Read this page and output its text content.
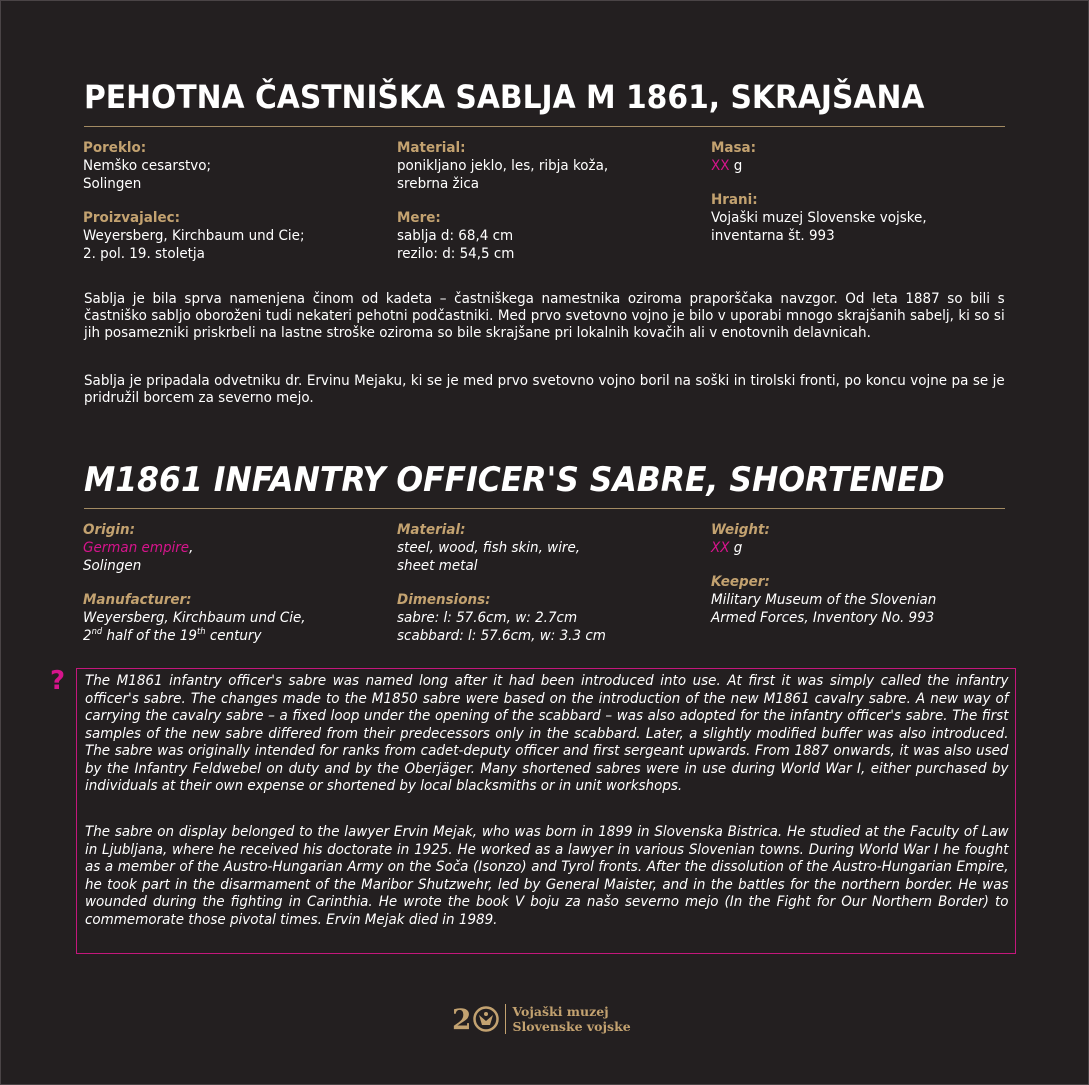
PEHOTNA ČASTNIŠKA SABLJA M 1861, SKRAJŠANA
Poreklo:
Nemško cesarstvo;
Solingen
Proizvajalec:
Weyersberg, Kirchbaum und Cie;
2. pol. 19. stoletja
Material:
ponikljano jeklo, les, ribja koža,
srebrna žica
Mere:
sablja d: 68,4 cm
rezilo: d: 54,5 cm
Masa:
XX g
Hrani:
Vojaški muzej Slovenske vojske,
inventarna št. 993

Sablja je bila sprva namenjena činom od kadeta – častniškega namestnika oziroma praporščaka navzgor. Od leta 1887 so bili s častniško sabljo oboroženi tudi nekateri pehotni podčastniki. Med prvo svetovno vojno je bilo v uporabi mnogo skrajšanih sabelj, ki so si jih posamezniki priskrbeli na lastne stroške oziroma so bile skrajšane pri lokalnih kovačih ali v enotovnih delavnicah.

Sablja je pripadala odvetniku dr. Ervinu Mejaku, ki se je med prvo svetovno vojno boril na soški in tirolski fronti, po koncu vojne pa se je pridružil borcem za severno mejo.

M1861 INFANTRY OFFICER'S SABRE, SHORTENED
Origin:
German empire,
Solingen
Manufacturer:
Weyersberg, Kirchbaum und Cie,
2nd half of the 19th century
Material:
steel, wood, fish skin, wire,
sheet metal
Dimensions:
sabre: l: 57.6cm, w: 2.7cm
scabbard: l: 57.6cm, w: 3.3 cm
Weight:
XX g
Keeper:
Military Museum of the Slovenian
Armed Forces, Inventory No. 993
? The M1861 infantry officer's sabre was named long after it had been introduced into use. At first it was simply called the infantry officer's sabre. The changes made to the M1850 sabre were based on the introduction of the new M1861 cavalry sabre. A new way of carrying the cavalry sabre – a fixed loop under the opening of the scabbard – was also adopted for the infantry officer's sabre. The first samples of the new sabre differed from their predecessors only in the scabbard. Later, a slightly modified buffer was also introduced. The sabre was originally intended for ranks from cadet-deputy officer and first sergeant upwards. From 1887 onwards, it was also used by the Infantry Feldwebel on duty and by the Oberjäger. Many shortened sabres were in use during World War I, either purchased by individuals at their own expense or shortened by local blacksmiths or in unit workshops.

The sabre on display belonged to the lawyer Ervin Mejak, who was born in 1899 in Slovenska Bistrica. He studied at the Faculty of Law in Ljubljana, where he received his doctorate in 1925. He worked as a lawyer in various Slovenian towns. During World War I he fought as a member of the Austro-Hungarian Army on the Soča (Isonzo) and Tyrol fronts. After the dissolution of the Austro-Hungarian Empire, he took part in the disarmament of the Maribor Shutzwehr, led by General Maister, and in the battles for the northern border. He was wounded during the fighting in Carinthia. He wrote the book V boju za našo severno mejo (In the Fight for Our Northern Border) to commemorate those pivotal times. Ervin Mejak died in 1989.

2	Vojaški muzej
Slovenske vojske
